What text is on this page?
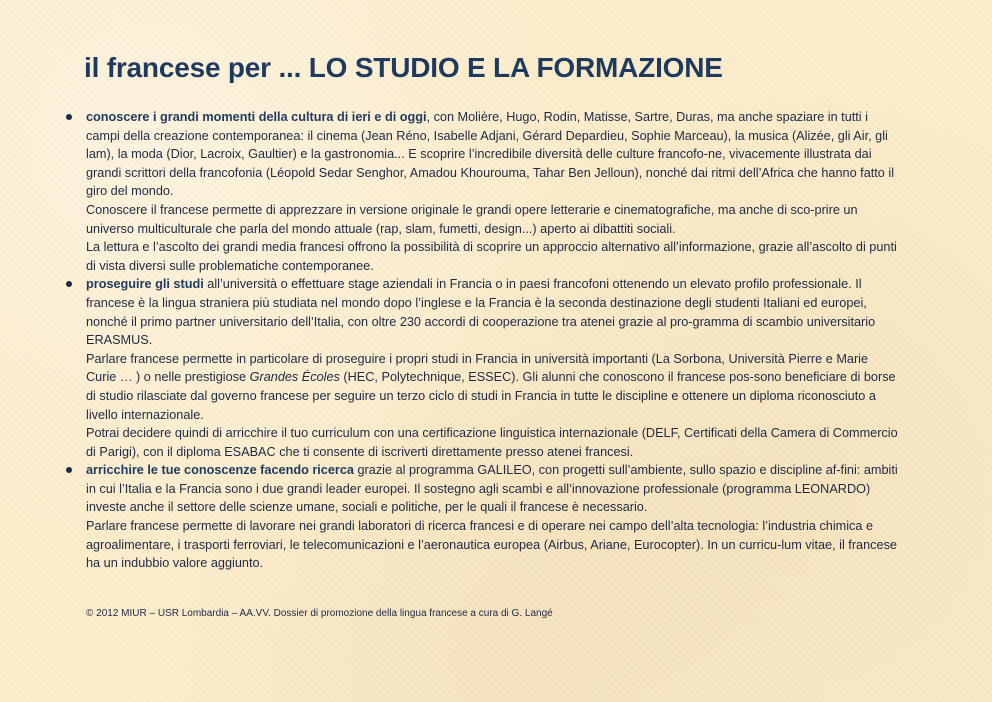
il francese per ... LO STUDIO E LA FORMAZIONE

conoscere i grandi momenti della cultura di ieri e di oggi, con Molière, Hugo, Rodin, Matisse, Sartre, Duras, ma anche spaziare in tutti i campi della creazione contemporanea: il cinema (Jean Réno, Isabelle Adjani, Gérard Depardieu, Sophie Marceau), la musica (Alizée, gli Air, gli lam), la moda (Dior, Lacroix, Gaultier) e la gastronomia... E scoprire l’incredibile diversità delle culture francofo-ne, vivacemente illustrata dai grandi scrittori della francofonia (Léopold Sedar Senghor, Amadou Khourouma, Tahar Ben Jelloun), nonché dai ritmi dell’Africa che hanno fatto il giro del mondo.

Conoscere il francese permette di apprezzare in versione originale le grandi opere letterarie e cinematografiche, ma anche di sco-prire un universo multiculturale che parla del mondo attuale (rap, slam, fumetti, design...) aperto ai dibattiti sociali.

La lettura e l’ascolto dei grandi media francesi offrono la possibilità di scoprire un approccio alternativo all’informazione, grazie all’ascolto di punti di vista diversi sulle problematiche contemporanee.

proseguire gli studi all’università o effettuare stage aziendali in Francia o in paesi francofoni ottenendo un elevato profilo professionale. Il francese è la lingua straniera più studiata nel mondo dopo l’inglese e la Francia è la seconda destinazione degli studenti Italiani ed europei, nonché il primo partner universitario dell’Italia, con oltre 230 accordi di cooperazione tra atenei grazie al pro-gramma di scambio universitario ERASMUS.

Parlare francese permette in particolare di proseguire i propri studi in Francia in università importanti (La Sorbona, Università Pierre e Marie Curie … ) o nelle prestigiose Grandes Écoles (HEC, Polytechnique, ESSEC). Gli alunni che conoscono il francese pos-sono beneficiare di borse di studio rilasciate dal governo francese per seguire un terzo ciclo di studi in Francia in tutte le discipline e ottenere un diploma riconosciuto a livello internazionale.

Potrai decidere quindi di arricchire il tuo curriculum con una certificazione linguistica internazionale (DELF, Certificati della Camera di Commercio di Parigi), con il diploma ESABAC che ti consente di iscriverti direttamente presso atenei francesi.

arricchire le tue conoscenze facendo ricerca grazie al programma GALILEO, con progetti sull’ambiente, sullo spazio e discipline af-fini: ambiti in cui l’Italia e la Francia sono i due grandi leader europei. Il sostegno agli scambi e all’innovazione professionale (programma LEONARDO) investe anche il settore delle scienze umane, sociali e politiche, per le quali il francese è necessario.

Parlare francese permette di lavorare nei grandi laboratori di ricerca francesi e di operare nei campo dell’alta tecnologia: l’industria chimica e agroalimentare, i trasporti ferroviari, le telecomunicazioni e l’aeronautica europea (Airbus, Ariane, Eurocopter). In un curricu-lum vitae, il francese ha un indubbio valore aggiunto.

© 2012 MIUR – USR Lombardia – AA.VV. Dossier di promozione della lingua francese a cura di G. Langé
